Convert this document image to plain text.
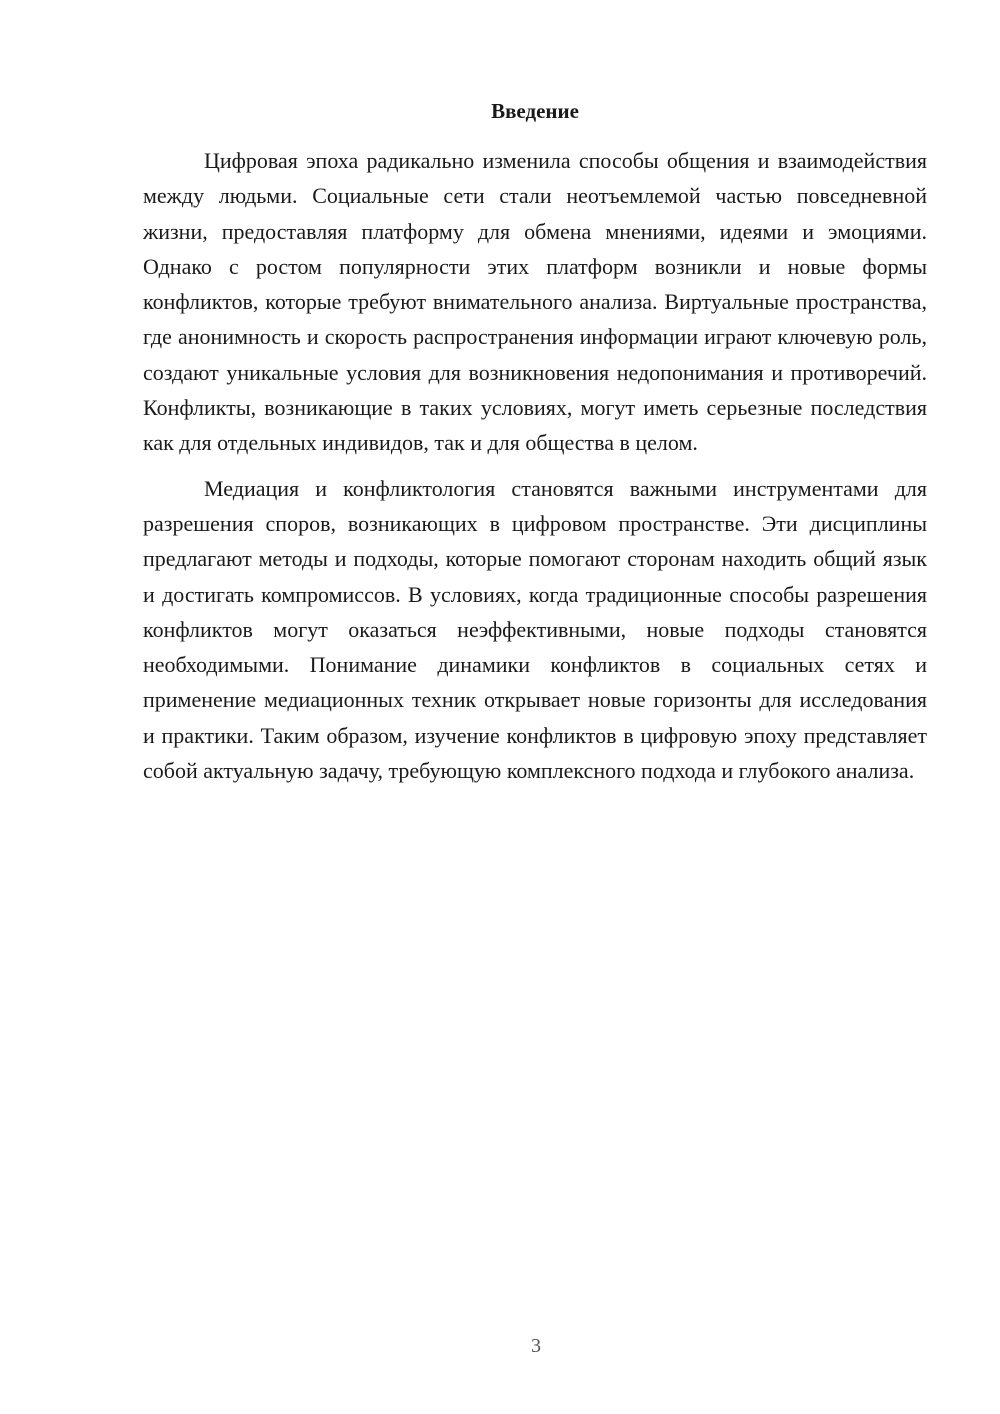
Введение

Цифровая эпоха радикально изменила способы общения и взаимодействия между людьми. Социальные сети стали неотъемлемой частью повседневной жизни, предоставляя платформу для обмена мнениями, идеями и эмоциями. Однако с ростом популярности этих платформ возникли и новые формы конфликтов, которые требуют внимательного анализа. Виртуальные пространства, где анонимность и скорость распространения информации играют ключевую роль, создают уникальные условия для возникновения недопонимания и противоречий. Конфликты, возникающие в таких условиях, могут иметь серьезные последствия как для отдельных индивидов, так и для общества в целом.

Медиация и конфликтология становятся важными инструментами для разрешения споров, возникающих в цифровом пространстве. Эти дисциплины предлагают методы и подходы, которые помогают сторонам находить общий язык и достигать компромиссов. В условиях, когда традиционные способы разрешения конфликтов могут оказаться неэффективными, новые подходы становятся необходимыми. Понимание динамики конфликтов в социальных сетях и применение медиационных техник открывает новые горизонты для исследования и практики. Таким образом, изучение конфликтов в цифровую эпоху представляет собой актуальную задачу, требующую комплексного подхода и глубокого анализа.

3
